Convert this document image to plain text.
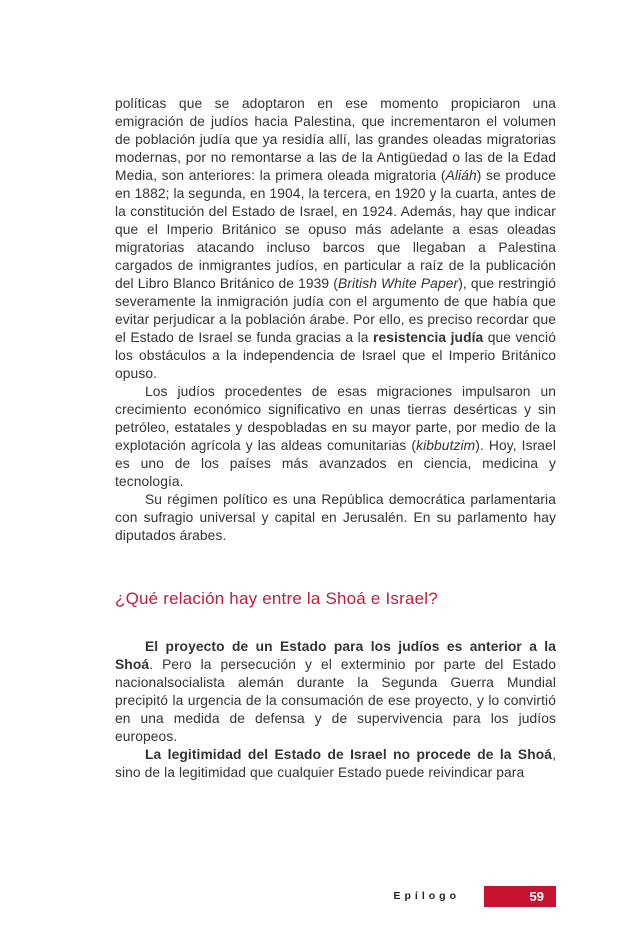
políticas que se adoptaron en ese momento propiciaron una emigración de judíos hacia Palestina, que incrementaron el volumen de población judía que ya residía allí, las grandes oleadas migratorias modernas, por no remontarse a las de la Antigüedad o las de la Edad Media, son anteriores: la primera oleada migratoria (Aliáh) se produce en 1882; la segunda, en 1904, la tercera, en 1920 y la cuarta, antes de la constitución del Estado de Israel, en 1924. Además, hay que indicar que el Imperio Británico se opuso más adelante a esas oleadas migratorias atacando incluso barcos que llegaban a Palestina cargados de inmigrantes judíos, en particular a raíz de la publicación del Libro Blanco Británico de 1939 (British White Paper), que restringió severamente la inmigración judía con el argumento de que había que evitar perjudicar a la población árabe. Por ello, es preciso recordar que el Estado de Israel se funda gracias a la resistencia judía que venció los obstáculos a la independencia de Israel que el Imperio Británico opuso.

Los judíos procedentes de esas migraciones impulsaron un crecimiento económico significativo en unas tierras desérticas y sin petróleo, estatales y despobladas en su mayor parte, por medio de la explotación agrícola y las aldeas comunitarias (kibbutzim). Hoy, Israel es uno de los países más avanzados en ciencia, medicina y tecnología.

Su régimen político es una República democrática parlamentaria con sufragio universal y capital en Jerusalén. En su parlamento hay diputados árabes.

¿Qué relación hay entre la Shoá e Israel?

El proyecto de un Estado para los judíos es anterior a la Shoá. Pero la persecución y el exterminio por parte del Estado nacionalsocialista alemán durante la Segunda Guerra Mundial precipitó la urgencia de la consumación de ese proyecto, y lo convirtió en una medida de defensa y de supervivencia para los judíos europeos.

La legitimidad del Estado de Israel no procede de la Shoá, sino de la legitimidad que cualquier Estado puede reivindicar para

Epílogo	59
